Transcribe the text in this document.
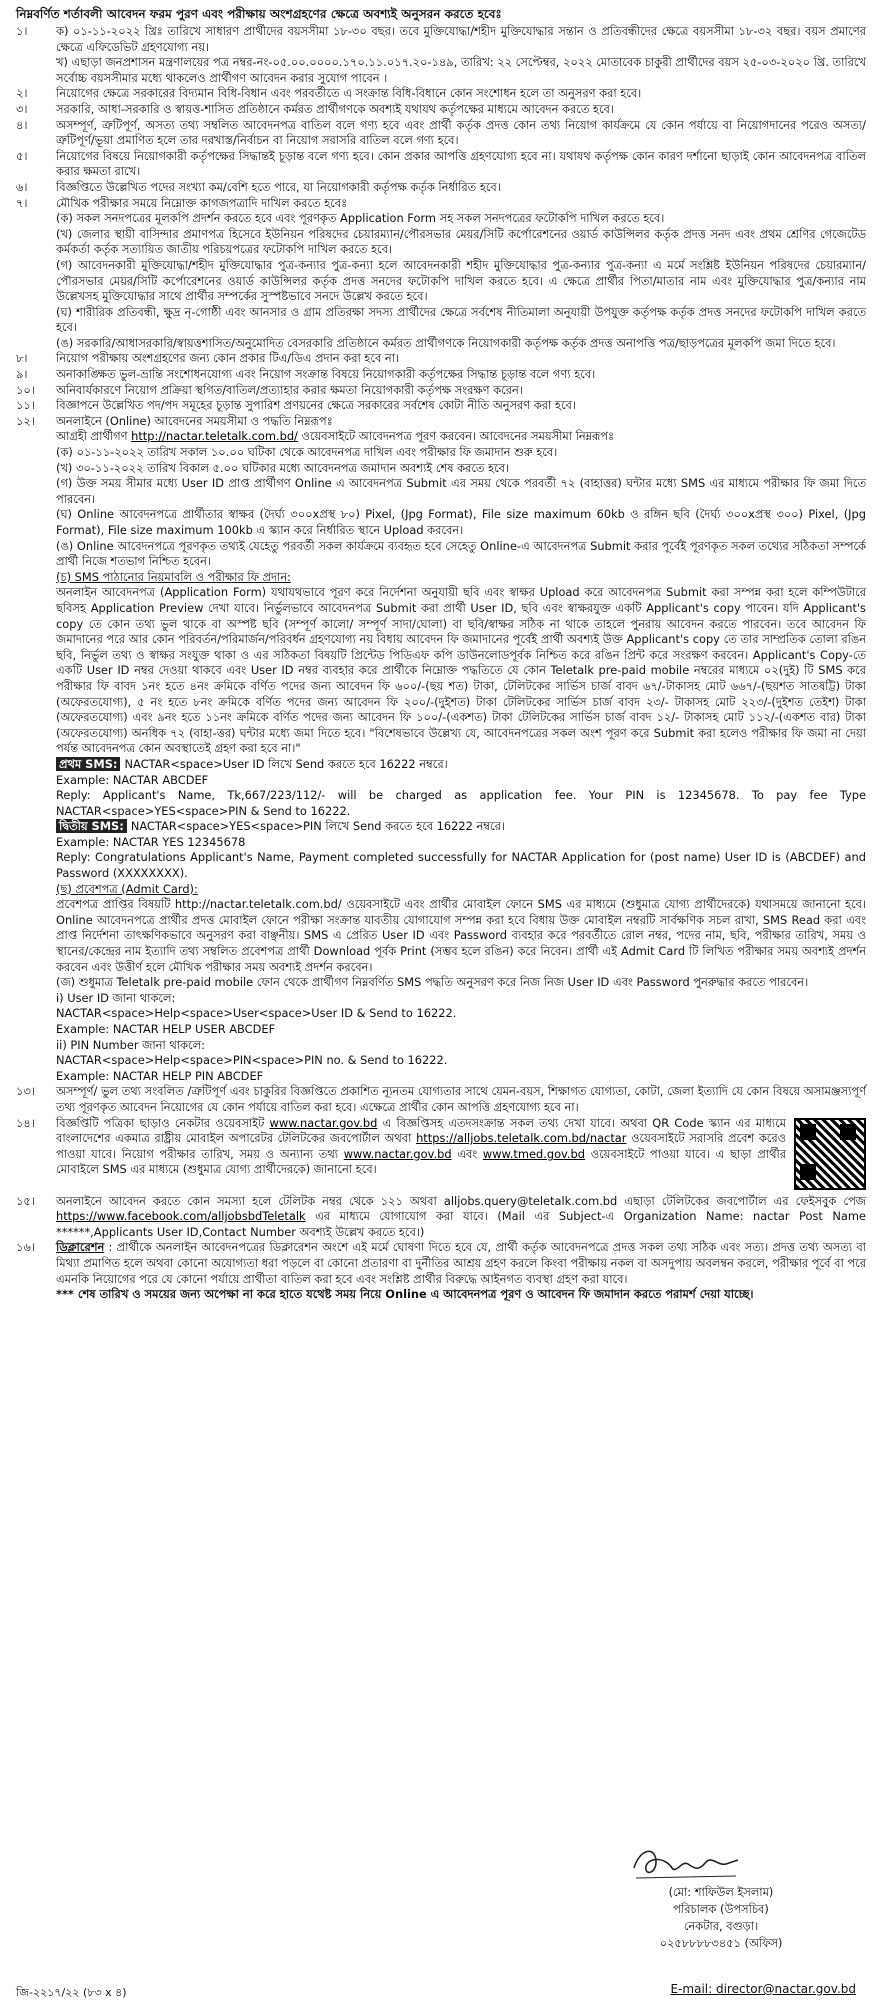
নিম্নবর্ণিত শর্তাবলী আবেদন ফরম পুরণ এবং পরীক্ষায় অংশগ্রহণের ক্ষেত্রে অবশ্যই অনুসরন করতে হবেঃ
১।	ক) ০১-১১-২০২২ খ্রিঃ তারিখে সাধারণ প্রার্থীদের বয়সসীমা ১৮-৩০ বছর। তবে মুক্তিযোদ্ধা/শহীদ মুক্তিযোদ্ধার সন্তান ও প্রতিবন্ধীদের ক্ষেত্রে বয়সসীমা ১৮-৩২ বছর। বয়স প্রমাণের ক্ষেত্রে এফিডেভিট গ্রহণযোগ্য নয়।
খ) এছাড়া জনপ্রশাসন মন্ত্রণালয়ের পত্র নম্বর-নং-০৫.০০.০০০০.১৭০.১১.০১৭.২০-১৪৯, তারিখ: ২২ সেপ্টেম্বর, ২০২২ মোতাবেক চাকুরী প্রার্থীদের বয়স ২৫-০৩-২০২০ খ্রি. তারিখে সর্বোচ্চ বয়সসীমার মধ্যে থাকলেও প্রার্থীগণ আবেদন করার সুযোগ পাবেন ।
২।	নিয়োগের ক্ষেত্রে সরকারের বিদ্যমান বিধি-বিধান এবং পরবর্তীতে এ সংক্রান্ত বিধি-বিধানে কোন সংশোধন হলে তা অনুসরণ করা হবে।
৩।	সরকারি, আধা-সরকারি ও স্বায়ত্ত-শাসিত প্রতিষ্ঠানে কর্মরত প্রার্থীগণকে অবশ্যই যথাযথ কর্তৃপক্ষের মাধ্যমে আবেদন করতে হবে।
৪।	অসম্পূর্ণ, ত্রুটিপূর্ণ, অসত্য তথ্য সম্বলিত আবেদনপত্র বাতিল বলে গণ্য হবে এবং প্রার্থী কর্তৃক প্রদত্ত কোন তথ্য নিয়োগ কার্যক্রমে যে কোন পর্যায়ে বা নিয়োগদানের পরেও অসত্য/ত্রুটিপূর্ণ/ভূয়া প্রমাণিত হলে তার দরখাস্ত/নির্বাচন বা নিয়োগ সরাসরি বাতিল বলে গণ্য হবে।
৫।	নিয়োগের বিষয়ে নিয়োগকারী কর্তৃপক্ষের সিদ্ধান্তই চূড়ান্ত বলে গণ্য হবে। কোন প্রকার আপত্তি গ্রহণযোগ্য হবে না। যথাযথ কর্তৃপক্ষ কোন কারণ দর্শানো ছাড়াই কোন আবেদনপত্র বাতিল করার ক্ষমতা রাখে।
৬।	বিজ্ঞপ্তিতে উল্লেখিত পদের সংখ্যা কম/বেশি হতে পারে, যা নিয়োগকারী কর্তৃপক্ষ কর্তৃক নির্ধারিত হবে।
৭।	মৌখিক পরীক্ষার সময়ে নিম্নোক্ত কাগজপত্রাদি দাখিল করতে হবেঃ
(ক) সকল সনদপত্রের মূলকপি প্রদর্শন করতে হবে এবং পূরণকৃত Application Form সহ সকল সনদপত্রের ফটোকপি দাখিল করতে হবে।
(খ) জেলার স্থায়ী বাসিন্দার প্রমাণপত্র হিসেবে ইউনিয়ন পরিষদের চেয়ারম্যান/পৌরসভার মেয়র/সিটি কর্পোরেশনের ওয়ার্ড কাউন্সিলর কর্তৃক প্রদত্ত সনদ এবং প্রথম শ্রেণির গেজেটেড কর্মকর্তা কর্তৃক সত্যায়িত জাতীয় পরিচয়পত্রের ফটোকপি দাখিল করতে হবে।
(গ) আবেদনকারী মুক্তিযোদ্ধা/শহীদ মুক্তিযোদ্ধার পুত্র-কন্যার পুত্র-কন্যা হলে আবেদনকারী শহীদ মুক্তিযোদ্ধার পুত্র-কন্যার পুত্র-কন্যা এ মর্মে সংশ্লিষ্ট ইউনিয়ন পরিষদের চেয়ারম্যান/পৌরসভার মেয়র/সিটি কর্পোরেশনের ওয়ার্ড কাউন্সিলর কর্তৃক প্রদত্ত সনদের ফটোকপি দাখিল করতে হবে। এ ক্ষেত্রে প্রার্থীর পিতা/মাতার নাম এবং মুক্তিযোদ্ধার পুত্র/কন্যার নাম উল্লেখসহ মুক্তিযোদ্ধার সাথে প্রার্থীর সম্পর্কের সুস্পষ্টভাবে সনদে উল্লেখ করতে হবে।
(ঘ) শারীরিক প্রতিবন্ধী, ক্ষুদ্র নৃ-গোষ্ঠী এবং আনসার ও গ্রাম প্রতিরক্ষা সদস্য প্রার্থীদের ক্ষেত্রে সর্বশেষ নীতিমালা অনুযায়ী উপযুক্ত কর্তৃপক্ষ কর্তৃক প্রদত্ত সনদের ফটোকপি দাখিল করতে হবে।
(ঙ) সরকারি/আধাসরকারি/স্বায়ত্তশাসিত/অনুমোদিত বেসরকারি প্রতিষ্ঠানে কর্মরত প্রার্থীগণকে নিয়োগকারী কর্তৃপক্ষ কর্তৃক প্রদত্ত অনাপত্তি পত্র/ছাড়পত্রের মূলকপি জমা দিতে হবে।
৮।	নিয়োগ পরীক্ষায় অংশগ্রহণের জন্য কোন প্রকার টিএ/ডিএ প্রদান করা হবে না।
৯।	অনাকাঙ্ক্ষিত ভুল-ভ্রান্তি সংশোধনযোগ্য এবং নিয়োগ সংক্রান্ত বিষয়ে নিয়োগকারী কর্তৃপক্ষের সিদ্ধান্ত চূড়ান্ত বলে গণ্য হবে।
১০।	অনিবার্যকারণে নিয়োগ প্রক্রিয়া স্থগিত/বাতিল/প্রত্যাহার করার ক্ষমতা নিয়োগকারী কর্তৃপক্ষ সংরক্ষণ করেন।
১১।	বিজ্ঞাপনে উল্লেখিত পদ/পদ সমূহের চূড়ান্ত সুপারিশ প্রণয়নের ক্ষেত্রে সরকারের সর্বশেষ কোটা নীতি অনুসরণ করা হবে।
১২।	অনলাইনে (Online) আবেদনের সময়সীমা ও পদ্ধতি নিম্নরূপঃ
আগ্রহী প্রার্থীগণ http://nactar.teletalk.com.bd/ ওয়েবসাইটে আবেদনপত্র পূরণ করবেন। আবেদনের সময়সীমা নিম্নরূপঃ
(ক) ০১-১১-২০২২ তারিখ সকাল ১০.০০ ঘটিকা থেকে আবেদনপত্র দাখিল এবং পরীক্ষার ফি জমাদান শুরু হবে।
(খ) ৩০-১১-২০২২ তারিখ বিকাল ৫.০০ ঘটিকার মধ্যে আবেদনপত্র জমাদান অবশ্যই শেষ করতে হবে।
(গ) উক্ত সময় সীমার মধ্যে User ID প্রাপ্ত প্রার্থীগণ Online এ আবেদনপত্র Submit এর সময় থেকে পরবর্তী ৭২ (বাহাত্তর) ঘন্টার মধ্যে SMS এর মাধ্যমে পরীক্ষার ফি জমা দিতে পারবেন।
(ঘ) Online আবেদনপত্রে প্রার্থীতার স্বাক্ষর (দৈর্ঘ্য ৩০০xপ্রস্থ ৮০) Pixel, (Jpg Format), File size maximum 60kb ও রঙ্গিন ছবি (দৈর্ঘ্য ৩০০xপ্রস্থ ৩০০) Pixel, (Jpg Format), File size maximum 100kb এ স্ক্যান করে নির্ধারিত স্থানে Upload করবেন।
(ঙ) Online আবেদনপত্রে পূরণকৃত তথ্যই যেহেতু পরবর্তী সকল কার্যক্রমে ব্যবহৃত হবে সেহেতু Online-এ আবেদনপত্র Submit করার পূর্বেই পূরণকৃত সকল তথ্যের সঠিকতা সম্পর্কে প্রার্থী নিজে শতভাগ নিশ্চিত হবেন।
(চ) SMS পাঠানোর নিয়মাবলি ও পরীক্ষার ফি প্রদান:
অনলাইন আবেদনপত্র (Application Form) যথাযথভাবে পূরণ করে নির্দেশনা অনুযায়ী ছবি এবং স্বাক্ষর Upload করে আবেদনপত্র Submit করা সম্পন্ন করা হলে কম্পিউটারে ছবিসহ Application Preview দেখা যাবে। নির্ভুলভাবে আবেদনপত্র Submit করা প্রার্থী User ID, ছবি এবং স্বাক্ষরযুক্ত একটি Applicant's copy পাবেন। যদি Applicant's copy তে কোন তথ্য ভুল থাকে বা অস্পষ্ট ছবি (সম্পূর্ণ কালো/ সম্পূর্ণ সাদা/ঘোলা) বা ছবি/স্বাক্ষর সঠিক না থাকে তাহলে পুনরায় আবেদন করতে পারবেন। তবে আবেদন ফি জমাদানের পরে আর কোন পরিবর্তন/পরিমার্জন/পরিবর্ধন গ্রহণযোগ্য নয় বিধায় আবেদন ফি জমাদানের পূর্বেই প্রার্থী অবশ্যই উক্ত Applicant's copy তে তার সাম্প্রতিক তোলা রঙিন ছবি, নির্ভুল তথ্য ও স্বাক্ষর সংযুক্ত থাকা ও এর সঠিকতা বিষয়টি প্রিন্টেড পিডিএফ কপি ডাউনলোডপূর্বক নিশ্চিত করে রঙিন প্রিন্ট করে সংরক্ষণ করবেন। Applicant's Copy-তে একটি User ID নম্বর দেওয়া থাকবে এবং User ID নম্বর ব্যবহার করে প্রার্থীকে নিম্নোক্ত পদ্ধতিতে যে কোন Teletalk pre-paid mobile নম্বরের মাধ্যমে ০২(দুই) টি SMS করে পরীক্ষার ফি বাবদ ১নং হতে ৪নং ক্রমিকে বর্ণিত পদের জন্য আবেদন ফি ৬০০/-(ছয় শত) টাকা, টেলিটকের সার্ভিস চার্জ বাবদ ৬৭/-টাকাসহ মোট ৬৬৭/-(ছয়শত সাতষট্টি) টাকা (অফেরতযোগ্য), ৫ নং হতে ৮নং ক্রমিকে বর্ণিত পদের জন্য আবেদন ফি ২০০/-(দুইশত) টাকা টেলিটকের সার্ভিস চার্জ বাবদ ২৩/- টাকাসহ মোট ২২৩/-(দুইশত তেইশ) টাকা (অফেরতযোগ্য) এবং ৯নং হতে ১১নং ক্রমিকে বর্ণিত পদের জন্য আবেদন ফি ১০০/-(একশত) টাকা টেলিটকের সার্ভিস চার্জ বাবদ ১২/- টাকাসহ মোট ১১২/-(একশত বার) টাকা (অফেরতযোগ্য) অনধিক ৭২ (বাহা-ত্তর) ঘন্টার মধ্যে জমা দিতে হবে। "বিশেষভাবে উল্লেখ্য যে, আবেদনপত্রের সকল অংশ পূরণ করে Submit করা হলেও পরীক্ষার ফি জমা না দেয়া পর্যন্ত আবেদনপত্র কোন অবস্থাতেই গ্রহণ করা হবে না।"
প্রথম SMS: NACTAR<space>User ID লিখে Send করতে হবে 16222 নম্বরে।
Example: NACTAR ABCDEF
Reply: Applicant's Name, Tk,667/223/112/- will be charged as application fee. Your PIN is 12345678. To pay fee Type NACTAR<space>YES<space>PIN & Send to 16222.
দ্বিতীয় SMS: NACTAR<space>YES<space>PIN লিখে Send করতে হবে 16222 নম্বরে।
Example: NACTAR YES 12345678
Reply: Congratulations Applicant's Name, Payment completed successfully for NACTAR Application for (post name) User ID is (ABCDEF) and Password (XXXXXXXX).
(ছ) প্রবেশপত্র (Admit Card):
প্রবেশপত্র প্রাপ্তির বিষয়টি http://nactar.teletalk.com.bd/ ওয়েবসাইটে এবং প্রার্থীর মোবাইল ফোনে SMS এর মাধ্যমে (শুধুমাত্র যোগ্য প্রার্থীদেরকে) যথাসময়ে জানানো হবে। Online আবেদনপত্রে প্রার্থীর প্রদত্ত মোবাইল ফোনে পরীক্ষা সংক্রান্ত যাবতীয় যোগাযোগ সম্পন্ন করা হবে বিধায় উক্ত মোবাইল নম্বরটি সার্বক্ষণিক সচল রাখা, SMS Read করা এবং প্রাপ্ত নির্দেশনা তাৎক্ষণিকভাবে অনুসরণ করা বাঞ্ছনীয়। SMS এ প্রেরিত User ID এবং Password ব্যবহার করে পরবর্তীতে রোল নম্বর, পদের নাম, ছবি, পরীক্ষার তারিখ, সময় ও স্থানের/কেন্দ্রের নাম ইত্যাদি তথ্য সম্বলিত প্রবেশপত্র প্রার্থী Download পূর্বক Print (সম্ভব হলে রঙিন) করে নিবেন। প্রার্থী এই Admit Card টি লিখিত পরীক্ষার সময় অবশ্যই প্রদর্শন করবেন এবং উত্তীর্ণ হলে মৌখিক পরীক্ষার সময় অবশ্যই প্রদর্শন করবেন।
(জ) শুধুমাত্র Teletalk pre-paid mobile ফোন থেকে প্রার্থীগণ নিম্নবর্ণিত SMS পদ্ধতি অনুসরণ করে নিজ নিজ User ID এবং Password পুনরুদ্ধার করতে পারবেন।
i) User ID জানা থাকলে:
NACTAR<space>Help<space>User<space>User ID & Send to 16222.
Example: NACTAR HELP USER ABCDEF
ii) PIN Number জানা থাকলে:
NACTAR<space>Help<space>PIN<space>PIN no. & Send to 16222.
Example: NACTAR HELP PIN ABCDEF
১৩।	অসম্পূর্ণ/ ভুল তথ্য সংবলিত /ত্রুটিপূর্ণ এবং চাকুরির বিজ্ঞপ্তিতে প্রকাশিত ন্যূনতম যোগ্যতার সাথে যেমন-বয়স, শিক্ষাগত যোগ্যতা, কোটা, জেলা ইত্যাদি যে কোন বিষয়ে অসামঞ্জস্যপূর্ণ তথ্য পূরণকৃত আবেদন নিয়োগের যে কোন পর্যায়ে বাতিল করা হবে। এক্ষেত্রে প্রার্থীর কোন আপত্তি গ্রহণযোগ্য হবে না।
১৪।	বিজ্ঞপ্তিটি পত্রিকা ছাড়াও নেকটার ওয়েবসাইট www.nactar.gov.bd এ বিজ্ঞপ্তিসহ এতদসংক্রান্ত সকল তথ্য দেখা যাবে। অথবা QR Code স্ক্যান এর মাধ্যমে বাংলাদেশের একমাত্র রাষ্ট্রীয় মোবাইল অপারেটর টেলিটকের জবপোর্টাল অথবা https://alljobs.teletalk.com.bd/nactar ওয়েবসাইটে সরাসরি প্রবেশ করেও পাওয়া যাবে। নিয়োগ পরীক্ষার তারিখ, সময় ও অন্যান্য তথ্য www.nactar.gov.bd এবং www.tmed.gov.bd ওয়েবসাইটে পাওয়া যাবে। এ ছাড়া প্রার্থীর মোবাইলে SMS এর মাধ্যমে (শুধুমাত্র যোগ্য প্রার্থীদেরকে) জানানো হবে।
১৫।	অনলাইনে আবেদন করতে কোন সমস্যা হলে টেলিটক নম্বর থেকে ১২১ অথবা alljobs.query@teletalk.com.bd এছাড়া টেলিটকের জবপোর্টাল এর ফেইসবুক পেজ https://www.facebook.com/alljobsbdTeletalk এর মাধ্যমে যোগাযোগ করা যাবে। (Mail এর Subject-এ Organization Name: nactar Post Name ******,Applicants User ID,Contact Number অবশ্যই উল্লেখ করতে হবে।)
১৬।	ডিক্লারেশন : প্রার্থীকে অনলাইন আবেদনপত্রের ডিক্লারেশন অংশে এই মর্মে ঘোষণা দিতে হবে যে, প্রার্থী কর্তৃক আবেদনপত্রে প্রদত্ত সকল তথ্য সঠিক এবং সত্য। প্রদত্ত তথ্য অসত্য বা মিথ্যা প্রমাণিত হলে অথবা কোনো অযোগ্যতা ধরা পড়লে বা কোনো প্রতারণা বা দুর্নীতির আশ্রয় গ্রহণ করলে কিংবা পরীক্ষায় নকল বা অসদুপায় অবলম্বন করলে, পরীক্ষার পূর্বে বা পরে এমনকি নিয়োগের পরে যে কোনো পর্যায়ে প্রার্থীতা বাতিল করা হবে এবং সংশ্লিষ্ট প্রার্থীর বিরুদ্ধে আইনগত ব্যবস্থা গ্রহণ করা যাবে।
*** শেষ তারিখ ও সময়ের জন্য অপেক্ষা না করে হাতে যথেষ্ট সময় নিয়ে Online এ আবেদনপত্র পূরণ ও আবেদন ফি জমাদান করতে পরামর্শ দেয়া যাচ্ছে।
(মো: শাফিউল ইসলাম)
পরিচালক (উপসচিব)
নেকটার, বগুড়া।
০২৫৮৮৮৮৩৪৫১ (অফিস)
জি-২২১৭/২২ (৮৩ x ৪)	E-mail: director@nactar.gov.bd
